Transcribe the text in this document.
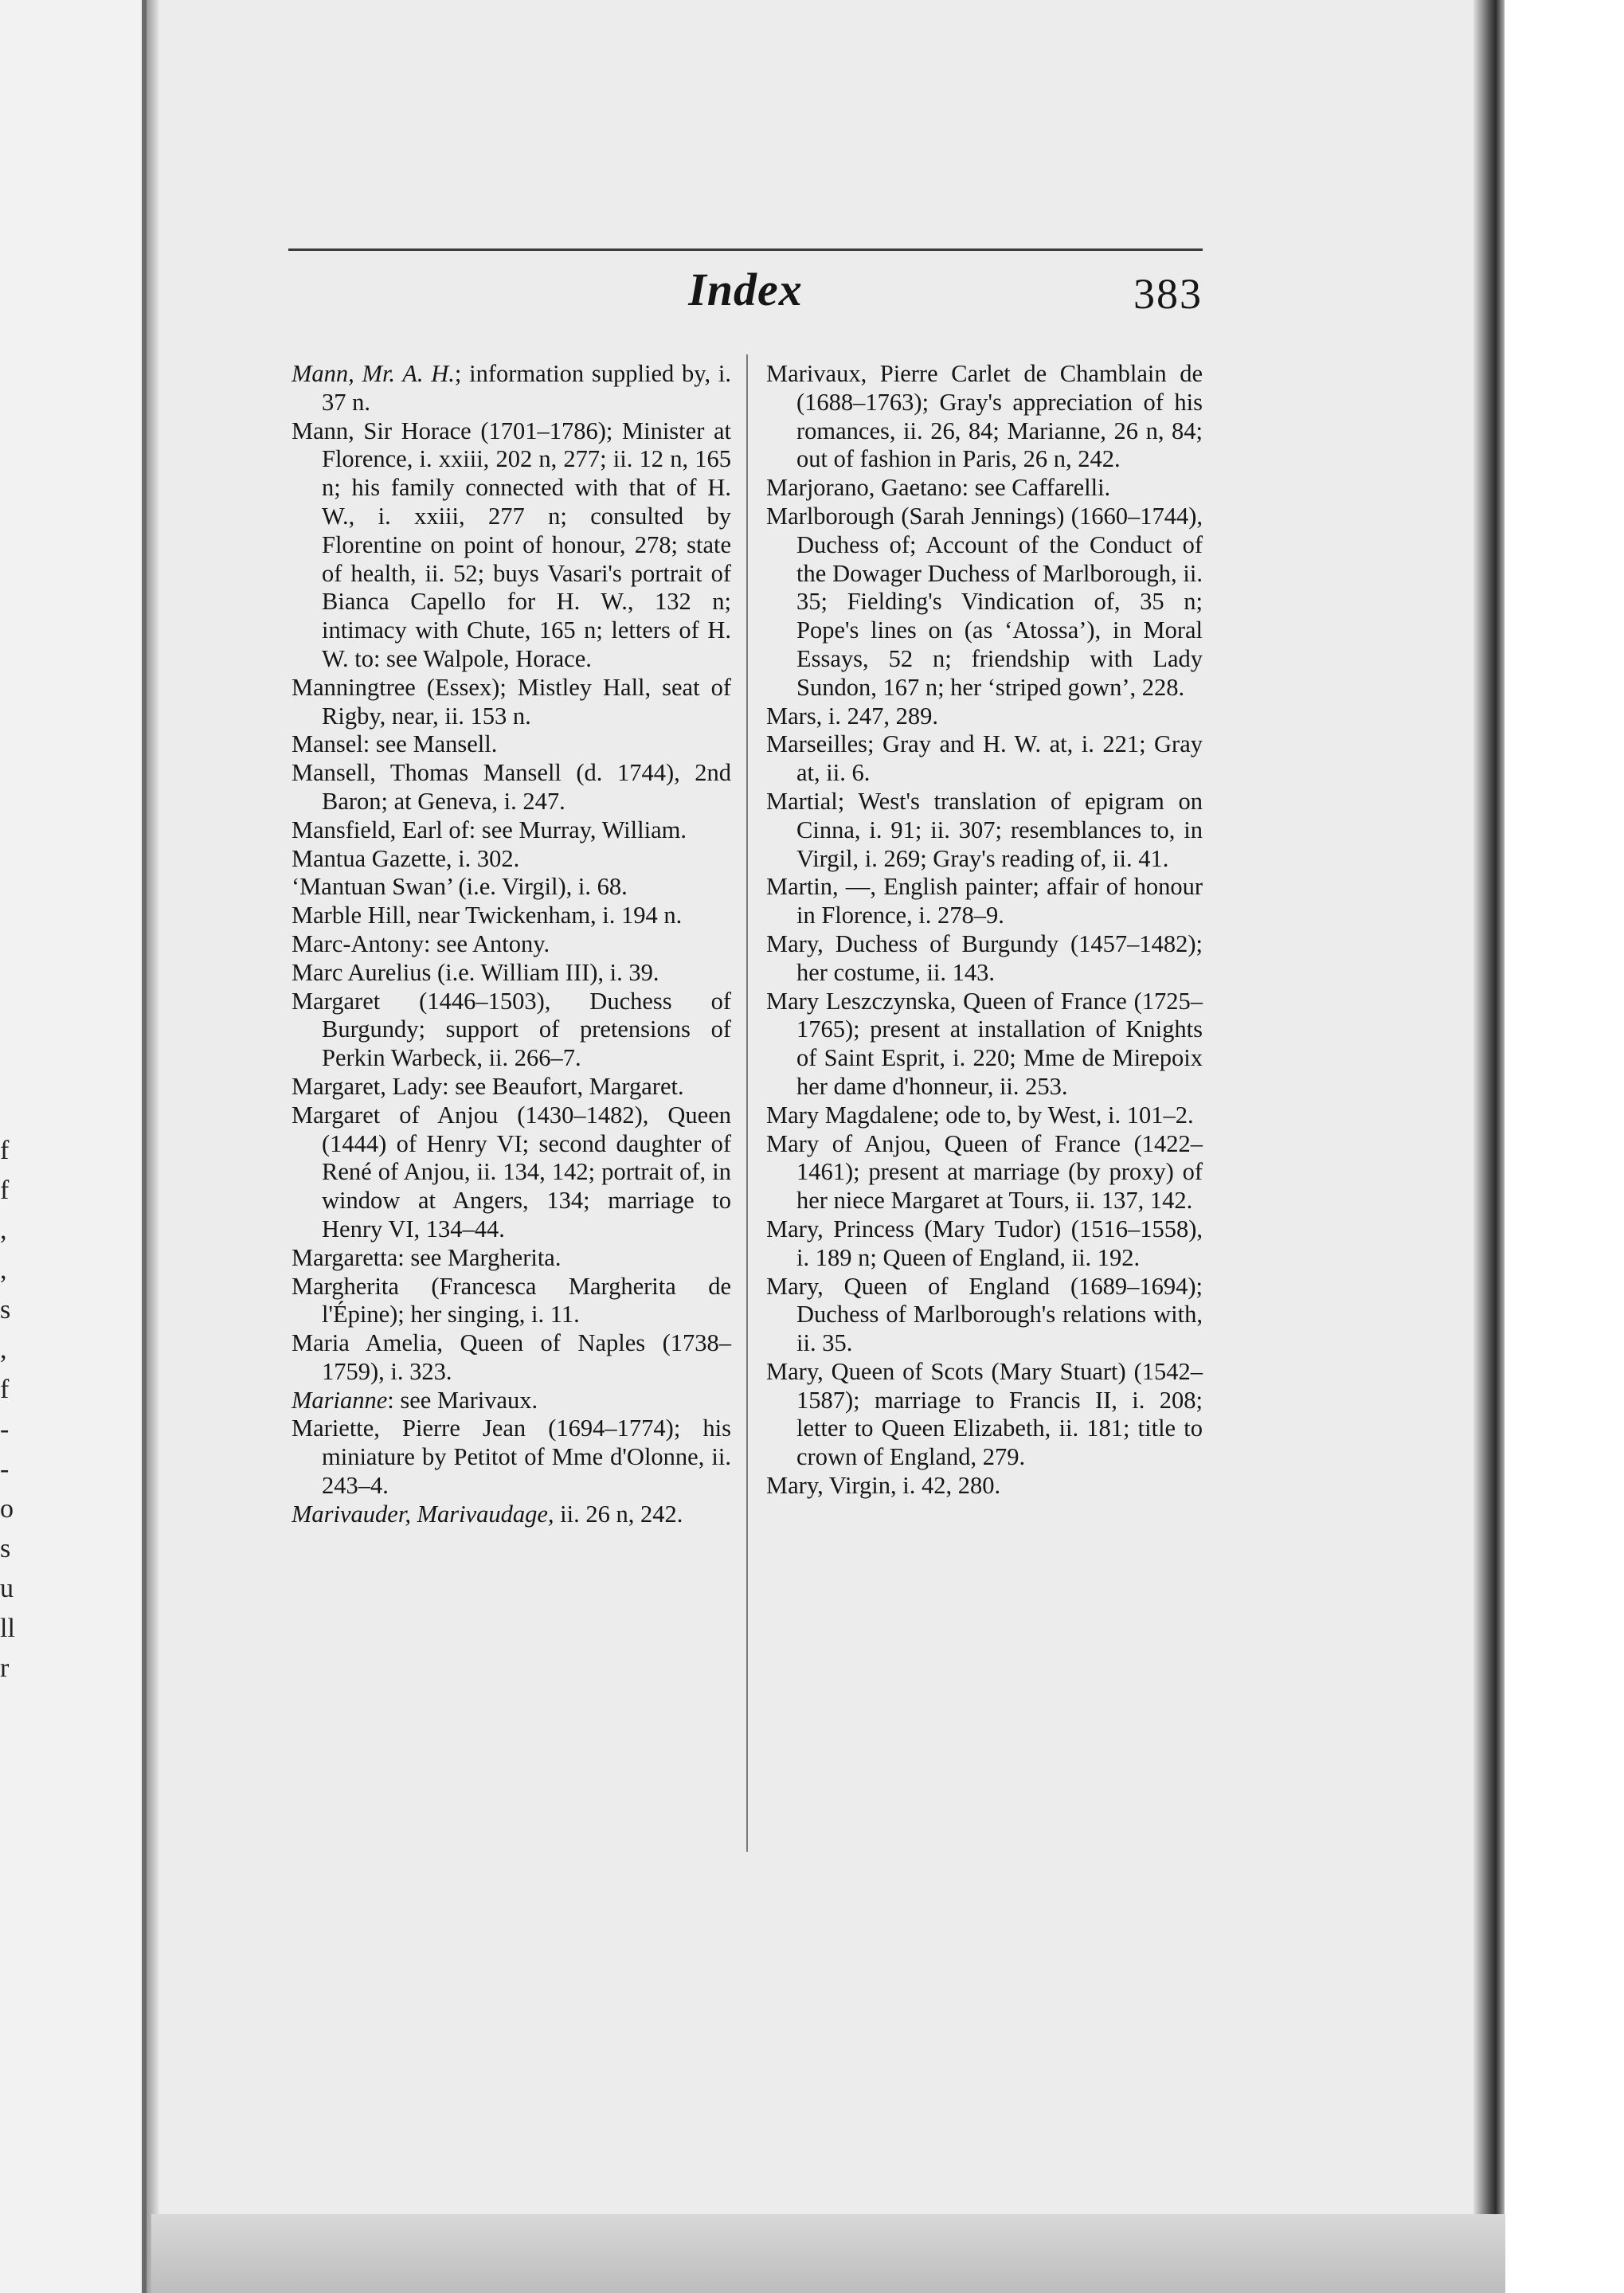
f
f
,
,
s
,
f
-
-
o
s
u
ll
r
Index	383

Mann, Mr. A. H.; information supplied by, i. 37 n.

Mann, Sir Horace (1701–1786); Minister at Florence, i. xxiii, 202 n, 277; ii. 12 n, 165 n; his family connected with that of H. W., i. xxiii, 277 n; consulted by Florentine on point of honour, 278; state of health, ii. 52; buys Vasari's portrait of Bianca Capello for H. W., 132 n; intimacy with Chute, 165 n; letters of H. W. to: see Walpole, Horace.

Manningtree (Essex); Mistley Hall, seat of Rigby, near, ii. 153 n.

Mansel: see Mansell.

Mansell, Thomas Mansell (d. 1744), 2nd Baron; at Geneva, i. 247.

Mansfield, Earl of: see Murray, William.

Mantua Gazette, i. 302.

‘Mantuan Swan’ (i.e. Virgil), i. 68.

Marble Hill, near Twickenham, i. 194 n.

Marc-Antony: see Antony.

Marc Aurelius (i.e. William III), i. 39.

Margaret (1446–1503), Duchess of Burgundy; support of pretensions of Perkin Warbeck, ii. 266–7.

Margaret, Lady: see Beaufort, Margaret.

Margaret of Anjou (1430–1482), Queen (1444) of Henry VI; second daughter of René of Anjou, ii. 134, 142; portrait of, in window at Angers, 134; marriage to Henry VI, 134–44.

Margaretta: see Margherita.

Margherita (Francesca Margherita de l'Épine); her singing, i. 11.

Maria Amelia, Queen of Naples (1738–1759), i. 323.

Marianne: see Marivaux.

Mariette, Pierre Jean (1694–1774); his miniature by Petitot of Mme d'Olonne, ii. 243–4.

Marivauder, Marivaudage, ii. 26 n, 242.

Marivaux, Pierre Carlet de Chamblain de (1688–1763); Gray's appreciation of his romances, ii. 26, 84; Marianne, 26 n, 84; out of fashion in Paris, 26 n, 242.

Marjorano, Gaetano: see Caffarelli.

Marlborough (Sarah Jennings) (1660–1744), Duchess of; Account of the Conduct of the Dowager Duchess of Marlborough, ii. 35; Fielding's Vindication of, 35 n; Pope's lines on (as ‘Atossa’), in Moral Essays, 52 n; friendship with Lady Sundon, 167 n; her ‘striped gown’, 228.

Mars, i. 247, 289.

Marseilles; Gray and H. W. at, i. 221; Gray at, ii. 6.

Martial; West's translation of epigram on Cinna, i. 91; ii. 307; resemblances to, in Virgil, i. 269; Gray's reading of, ii. 41.

Martin, —, English painter; affair of honour in Florence, i. 278–9.

Mary, Duchess of Burgundy (1457–1482); her costume, ii. 143.

Mary Leszczynska, Queen of France (1725–1765); present at installation of Knights of Saint Esprit, i. 220; Mme de Mirepoix her dame d'honneur, ii. 253.

Mary Magdalene; ode to, by West, i. 101–2.

Mary of Anjou, Queen of France (1422–1461); present at marriage (by proxy) of her niece Margaret at Tours, ii. 137, 142.

Mary, Princess (Mary Tudor) (1516–1558), i. 189 n; Queen of England, ii. 192.

Mary, Queen of England (1689–1694); Duchess of Marlborough's relations with, ii. 35.

Mary, Queen of Scots (Mary Stuart) (1542–1587); marriage to Francis II, i. 208; letter to Queen Elizabeth, ii. 181; title to crown of England, 279.

Mary, Virgin, i. 42, 280.
